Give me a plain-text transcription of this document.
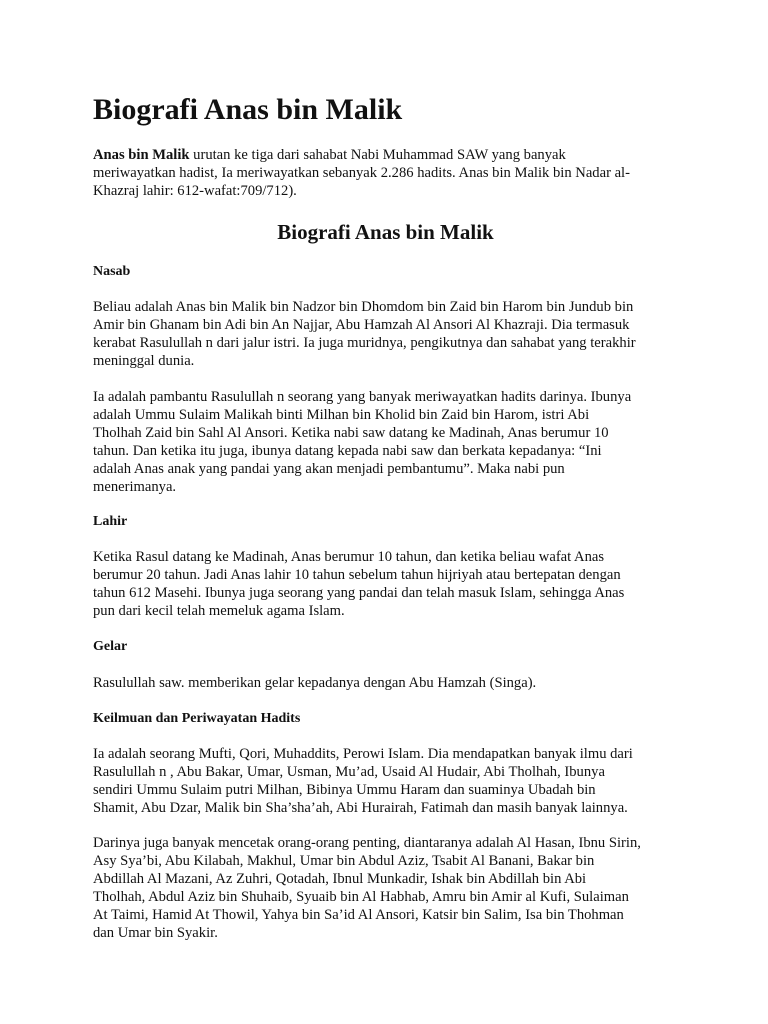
Biografi Anas bin Malik

Anas bin Malik urutan ke tiga dari sahabat Nabi Muhammad SAW yang banyak
meriwayatkan hadist, Ia meriwayatkan sebanyak 2.286 hadits. Anas bin Malik bin Nadar al-
Khazraj lahir: 612-wafat:709/712).

Biografi Anas bin Malik
Nasab

Beliau adalah Anas bin Malik bin Nadzor bin Dhomdom bin Zaid bin Harom bin Jundub bin
Amir bin Ghanam bin Adi bin An Najjar, Abu Hamzah Al Ansori Al Khazraji. Dia termasuk
kerabat Rasulullah n dari jalur istri. Ia juga muridnya, pengikutnya dan sahabat yang terakhir
meninggal dunia.

Ia adalah pambantu Rasulullah n seorang yang banyak meriwayatkan hadits darinya. Ibunya
adalah Ummu Sulaim Malikah binti Milhan bin Kholid bin Zaid bin Harom, istri Abi
Tholhah Zaid bin Sahl Al Ansori. Ketika nabi saw datang ke Madinah, Anas berumur 10
tahun. Dan ketika itu juga, ibunya datang kepada nabi saw dan berkata kepadanya: “Ini
adalah Anas anak yang pandai yang akan menjadi pembantumu”. Maka nabi pun
menerimanya.

Lahir

Ketika Rasul datang ke Madinah, Anas berumur 10 tahun, dan ketika beliau wafat Anas
berumur 20 tahun. Jadi Anas lahir 10 tahun sebelum tahun hijriyah atau bertepatan dengan
tahun 612 Masehi. Ibunya juga seorang yang pandai dan telah masuk Islam, sehingga Anas
pun dari kecil telah memeluk agama Islam.

Gelar

Rasulullah saw. memberikan gelar kepadanya dengan Abu Hamzah (Singa).

Keilmuan dan Periwayatan Hadits

Ia adalah seorang Mufti, Qori, Muhaddits, Perowi Islam. Dia mendapatkan banyak ilmu dari
Rasulullah n , Abu Bakar, Umar, Usman, Mu’ad, Usaid Al Hudair, Abi Tholhah, Ibunya
sendiri Ummu Sulaim putri Milhan, Bibinya Ummu Haram dan suaminya Ubadah bin
Shamit, Abu Dzar, Malik bin Sha’sha’ah, Abi Hurairah, Fatimah dan masih banyak lainnya.

Darinya juga banyak mencetak orang-orang penting, diantaranya adalah Al Hasan, Ibnu Sirin,
Asy Sya’bi, Abu Kilabah, Makhul, Umar bin Abdul Aziz, Tsabit Al Banani, Bakar bin
Abdillah Al Mazani, Az Zuhri, Qotadah, Ibnul Munkadir, Ishak bin Abdillah bin Abi
Tholhah, Abdul Aziz bin Shuhaib, Syuaib bin Al Habhab, Amru bin Amir al Kufi, Sulaiman
At Taimi, Hamid At Thowil, Yahya bin Sa’id Al Ansori, Katsir bin Salim, Isa bin Thohman
dan Umar bin Syakir.
